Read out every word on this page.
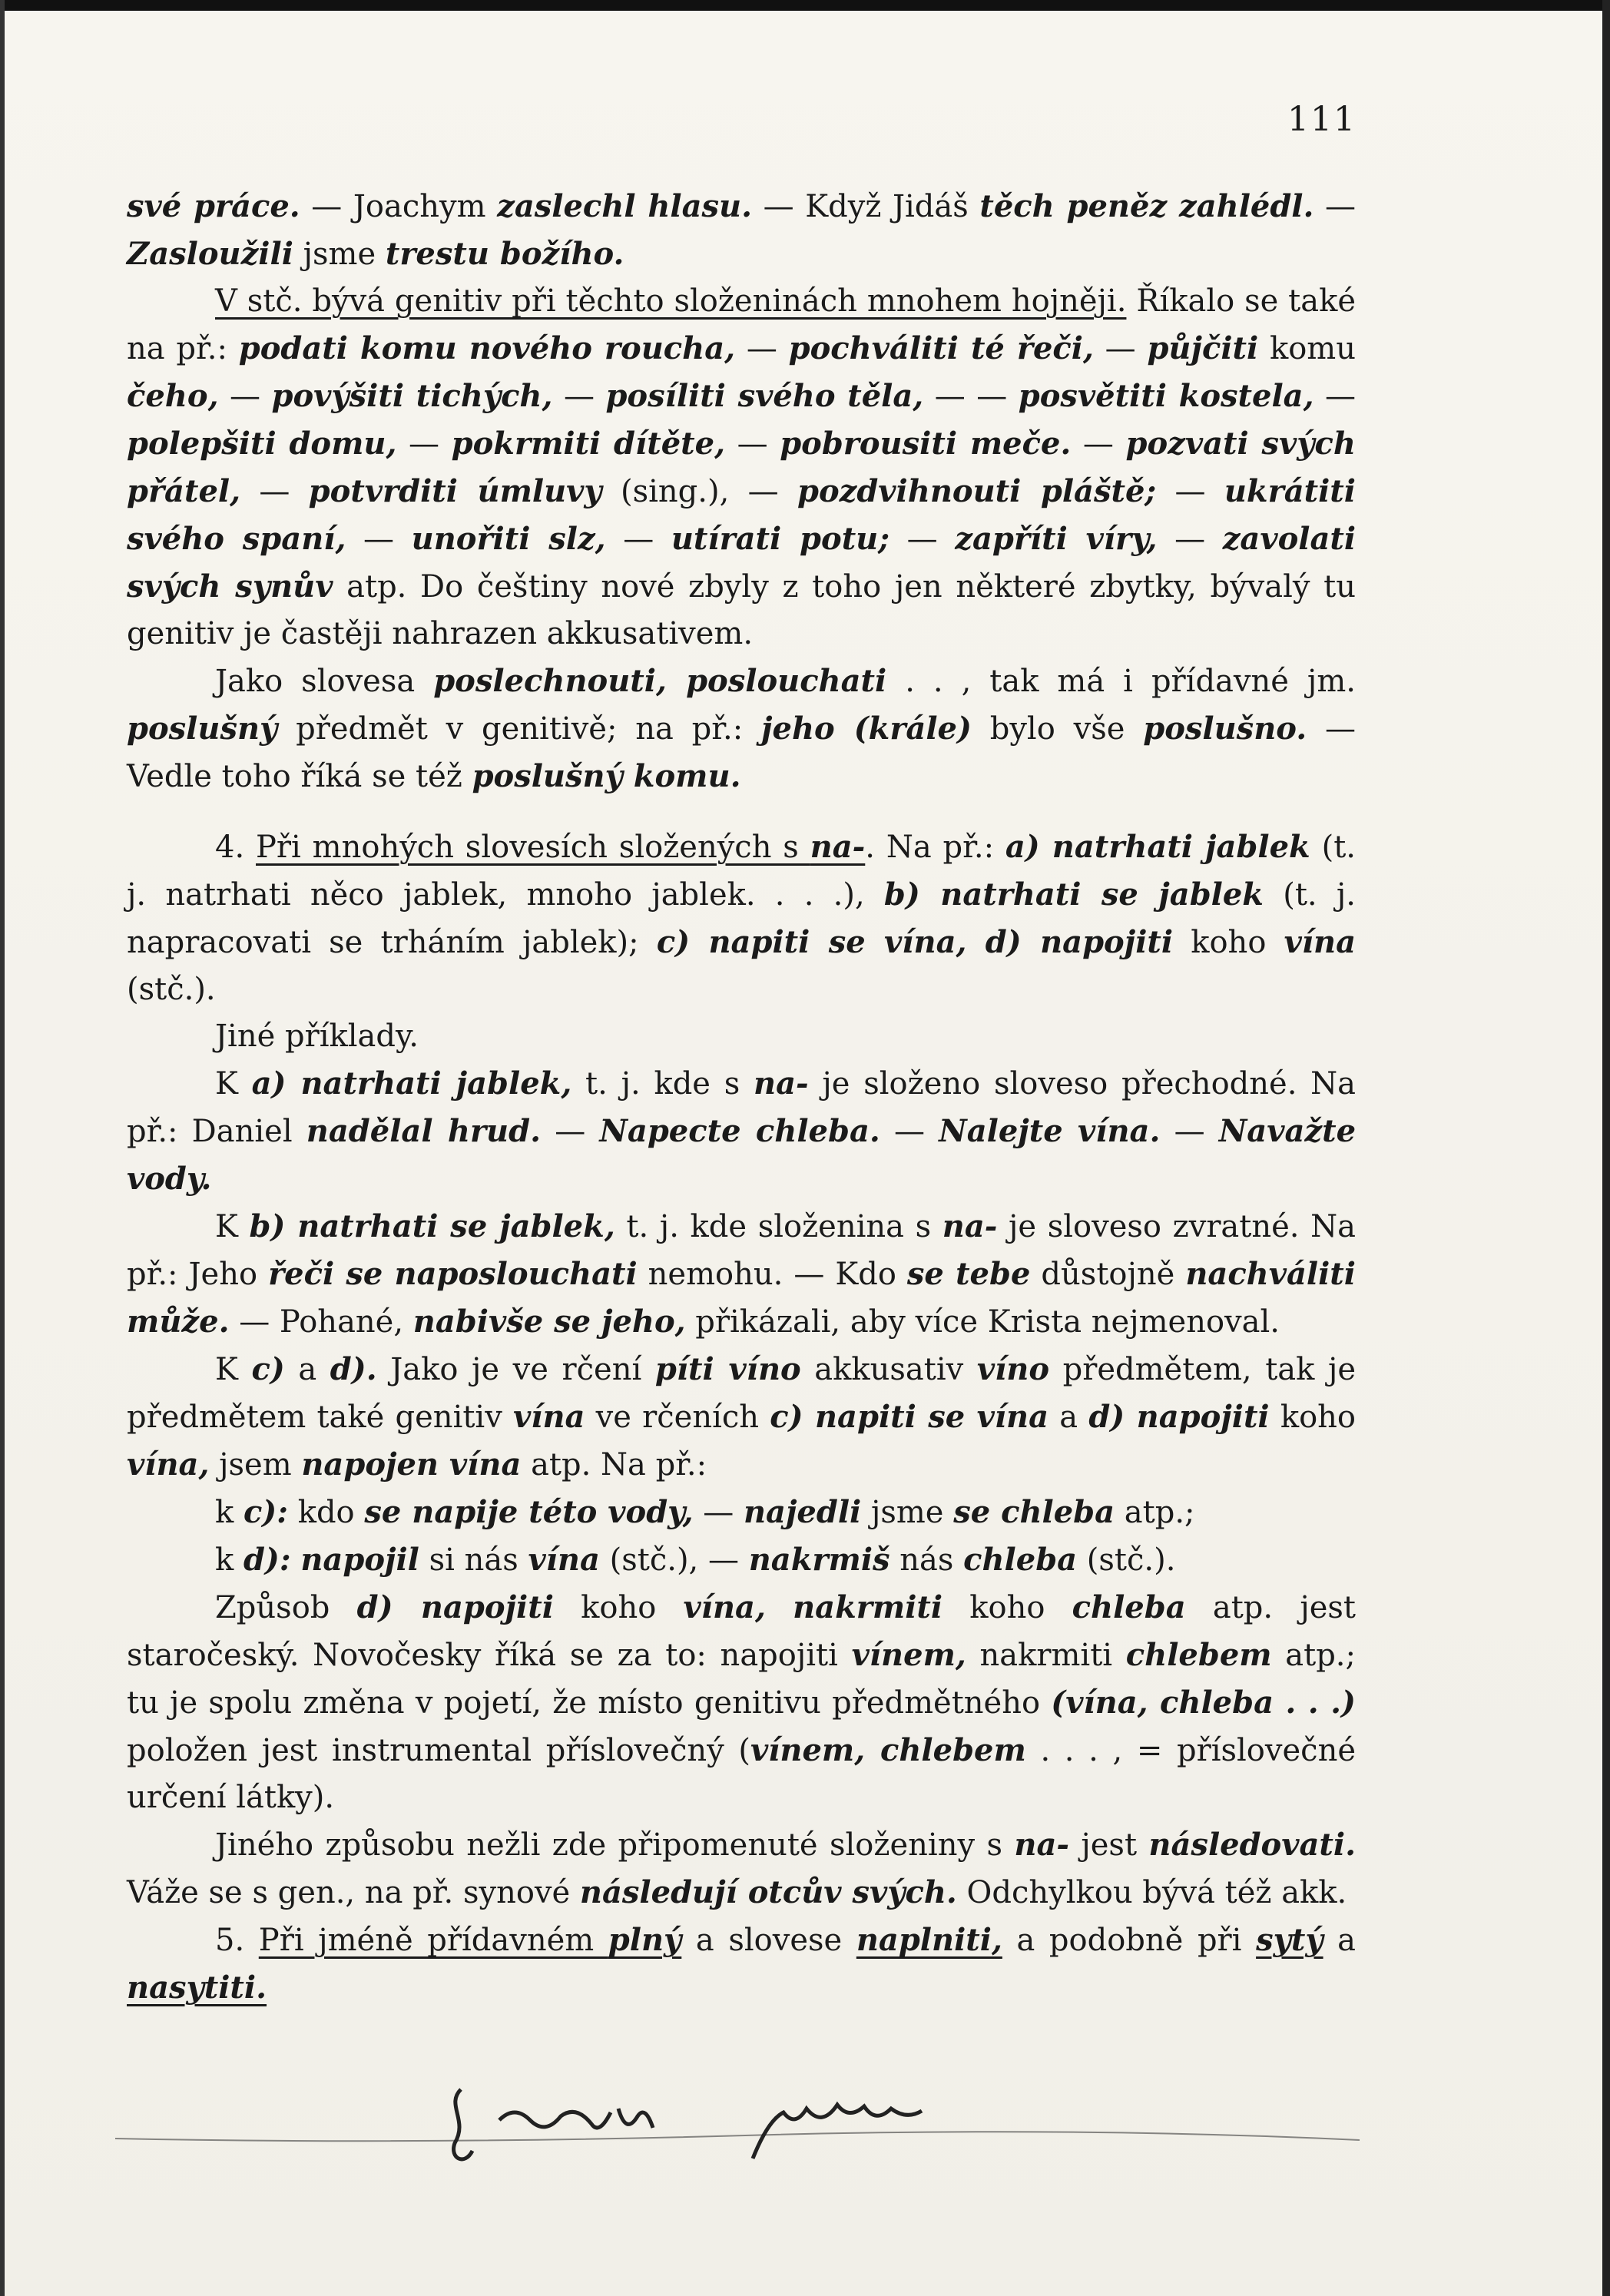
111

své práce. — Joachym zaslechl hlasu. — Když Jidáš těch peněz zahlédl. — Zasloužili jsme trestu božího.

V stč. bývá genitiv při těchto složeninách mnohem hojněji. Říkalo se také na př.: podati komu nového roucha, — pochváliti té řeči, — půjčiti komu čeho, — povýšiti tichých, — posíliti svého těla, — — posvětiti kostela, — polepšiti domu, — pokrmiti dítěte, — pobrousiti meče. — pozvati svých přátel, — potvrditi úmluvy (sing.), — pozdvihnouti pláště; — ukrátiti svého spaní, — unořiti slz, — utírati potu; — zapříti víry, — zavolati svých synův atp. Do češtiny nové zbyly z toho jen některé zbytky, bývalý tu genitiv je častěji nahrazen akkusativem.

Jako slovesa poslechnouti, poslouchati . . , tak má i přídavné jm. poslušný předmět v genitivě; na př.: jeho (krále) bylo vše poslušno. — Vedle toho říká se též poslušný komu.

4. Při mnohých slovesích složených s na-. Na př.: a) natrhati jablek (t. j. natrhati něco jablek, mnoho jablek. . . .), b) natrhati se jablek (t. j. napracovati se trháním jablek); c) napiti se vína, d) napojiti koho vína (stč.).

Jiné příklady.

K a) natrhati jablek, t. j. kde s na- je složeno sloveso přechodné. Na př.: Daniel nadělal hrud. — Napecte chleba. — Nalejte vína. — Navažte vody.

K b) natrhati se jablek, t. j. kde složenina s na- je sloveso zvratné. Na př.: Jeho řeči se naposlouchati nemohu. — Kdo se tebe důstojně nachváliti může. — Pohané, nabivše se jeho, přikázali, aby více Krista nejmenoval.

K c) a d). Jako je ve rčení píti víno akkusativ víno předmětem, tak je předmětem také genitiv vína ve rčeních c) napiti se vína a d) napojiti koho vína, jsem napojen vína atp. Na př.:

k c): kdo se napije této vody, — najedli jsme se chleba atp.;

k d): napojil si nás vína (stč.), — nakrmiš nás chleba (stč.).

Způsob d) napojiti koho vína, nakrmiti koho chleba atp. jest staročeský. Novočesky říká se za to: napojiti vínem, nakrmiti chlebem atp.; tu je spolu změna v pojetí, že místo genitivu předmětného (vína, chleba . . .) položen jest instrumental příslovečný (vínem, chlebem . . . , = příslovečné určení látky).

Jiného způsobu nežli zde připomenuté složeniny s na- jest následovati. Váže se s gen., na př. synové následují otcův svých. Odchylkou bývá též akk.

5. Při jméně přídavném plný a slovese naplniti, a podobně při sytý a nasytiti.
